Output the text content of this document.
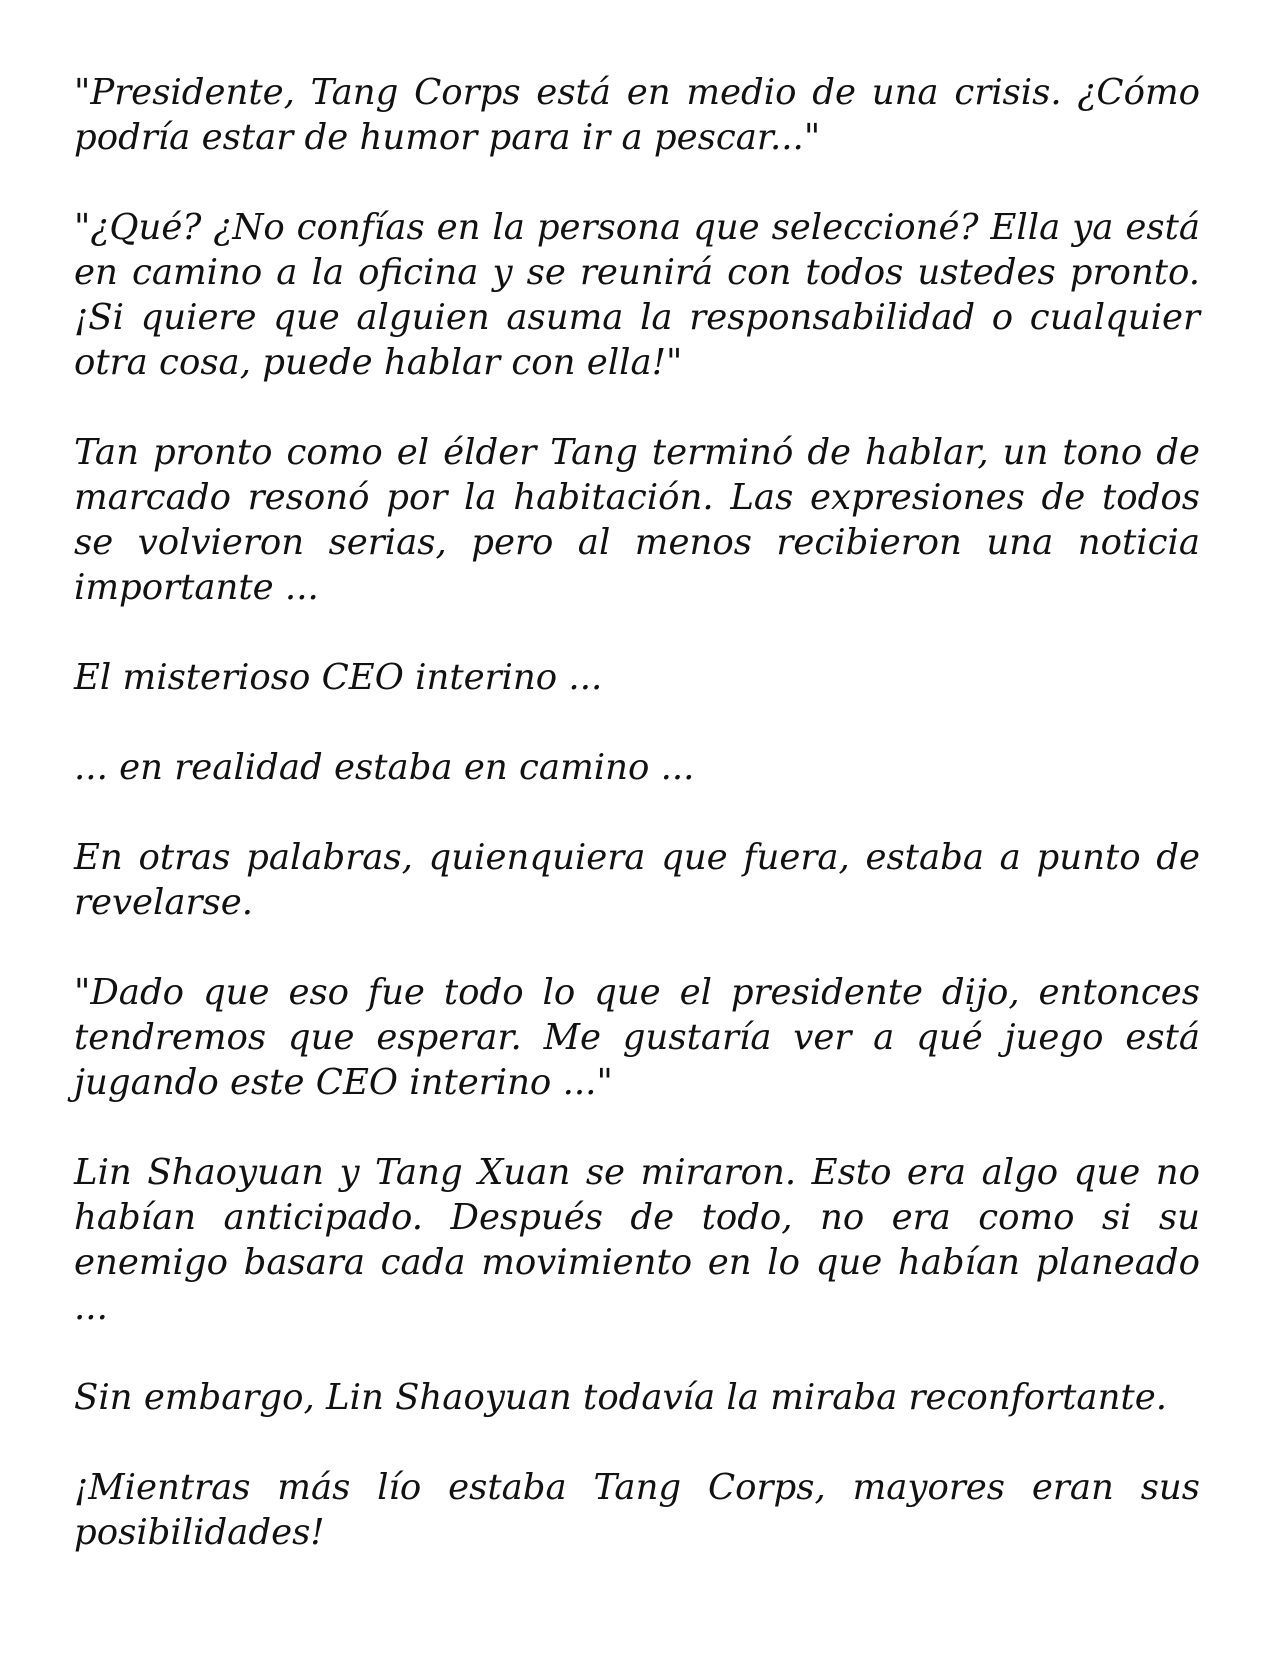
"Presidente, Tang Corps está en medio de una crisis. ¿Cómo podría estar de humor para ir a pescar..."

"¿Qué? ¿No confías en la persona que seleccioné? Ella ya está en camino a la oficina y se reunirá con todos ustedes pronto. ¡Si quiere que alguien asuma la responsabilidad o cualquier otra cosa, puede hablar con ella!"

Tan pronto como el élder Tang terminó de hablar, un tono de marcado resonó por la habitación. Las expresiones de todos se volvieron serias, pero al menos recibieron una noticia importante ...

El misterioso CEO interino ...

... en realidad estaba en camino ...

En otras palabras, quienquiera que fuera, estaba a punto de revelarse.

"Dado que eso fue todo lo que el presidente dijo, entonces tendremos que esperar. Me gustaría ver a qué juego está jugando este CEO interino ..."

Lin Shaoyuan y Tang Xuan se miraron. Esto era algo que no habían anticipado. Después de todo, no era como si su enemigo basara cada movimiento en lo que habían planeado ...

Sin embargo, Lin Shaoyuan todavía la miraba reconfortante.

¡Mientras más lío estaba Tang Corps, mayores eran sus posibilidades!
